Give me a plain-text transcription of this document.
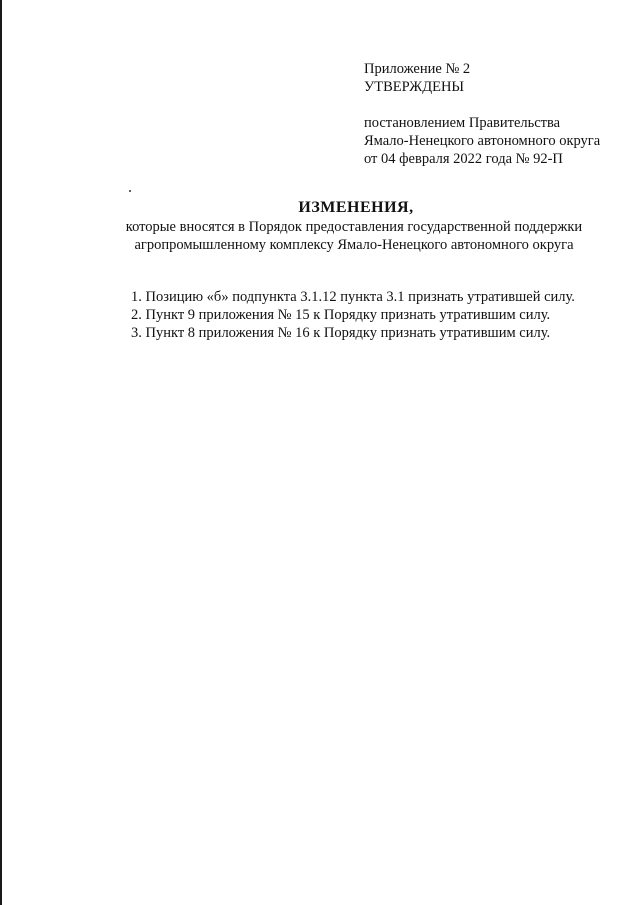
Приложение № 2
УТВЕРЖДЕНЫ
постановлением Правительства
Ямало-Ненецкого автономного округа
от 04 февраля 2022 года № 92-П
ИЗМЕНЕНИЯ,
которые вносятся в Порядок предоставления государственной поддержки
агропромышленному комплексу Ямало-Ненецкого автономного округа
1. Позицию «б» подпункта 3.1.12 пункта 3.1 признать утратившей силу.
2. Пункт 9 приложения № 15 к Порядку признать утратившим силу.
3. Пункт 8 приложения № 16 к Порядку признать утратившим силу.
